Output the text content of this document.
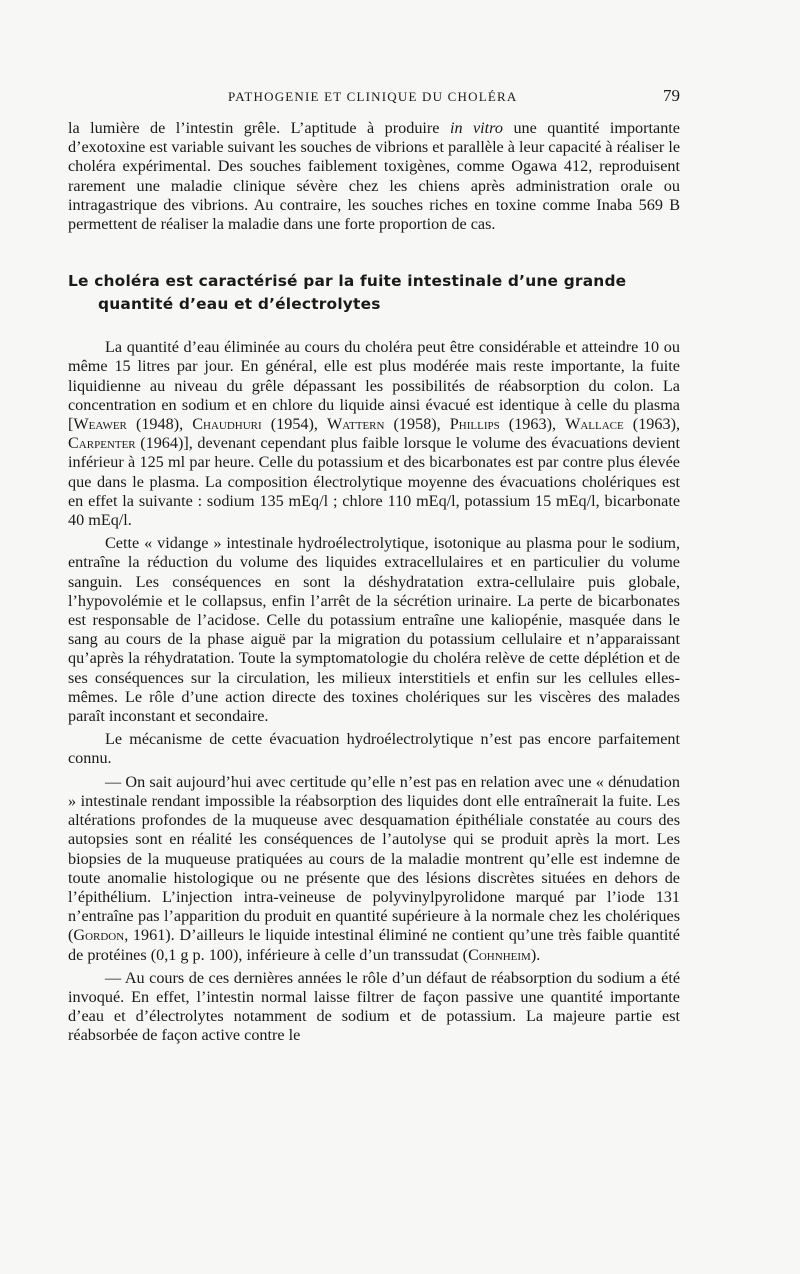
PATHOGENIE ET CLINIQUE DU CHOLÉRA	79

la lumière de l’intestin grêle. L’aptitude à produire in vitro une quantité importante d’exotoxine est variable suivant les souches de vibrions et parallèle à leur capacité à réaliser le choléra expérimental. Des souches faiblement toxigènes, comme Ogawa 412, reproduisent rarement une maladie clinique sévère chez les chiens après administration orale ou intragastrique des vibrions. Au contraire, les souches riches en toxine comme Inaba 569 B permettent de réaliser la maladie dans une forte proportion de cas.

Le choléra est caractérisé par la fuite intestinale d’une grande quantité d’eau et d’électrolytes

La quantité d’eau éliminée au cours du choléra peut être considérable et atteindre 10 ou même 15 litres par jour. En général, elle est plus modérée mais reste importante, la fuite liquidienne au niveau du grêle dépassant les possibilités de réabsorption du colon. La concentration en sodium et en chlore du liquide ainsi évacué est identique à celle du plasma [Weawer (1948), Chaudhuri (1954), Wattern (1958), Phillips (1963), Wallace (1963), Carpenter (1964)], devenant cependant plus faible lorsque le volume des évacuations devient inférieur à 125 ml par heure. Celle du potassium et des bicarbonates est par contre plus élevée que dans le plasma. La composition électrolytique moyenne des évacuations cholériques est en effet la suivante : sodium 135 mEq/l ; chlore 110 mEq/l, potassium 15 mEq/l, bicarbonate 40 mEq/l.

Cette « vidange » intestinale hydroélectrolytique, isotonique au plasma pour le sodium, entraîne la réduction du volume des liquides extracellulaires et en particulier du volume sanguin. Les conséquences en sont la déshydratation extra-cellulaire puis globale, l’hypovolémie et le collapsus, enfin l’arrêt de la sécrétion urinaire. La perte de bicarbonates est responsable de l’acidose. Celle du potassium entraîne une kaliopénie, masquée dans le sang au cours de la phase aiguë par la migration du potassium cellulaire et n’apparaissant qu’après la réhydratation. Toute la symptomatologie du choléra relève de cette déplétion et de ses conséquences sur la circulation, les milieux interstitiels et enfin sur les cellules elles-mêmes. Le rôle d’une action directe des toxines cholériques sur les viscères des malades paraît inconstant et secondaire.

Le mécanisme de cette évacuation hydroélectrolytique n’est pas encore parfaitement connu.

— On sait aujourd’hui avec certitude qu’elle n’est pas en relation avec une « dénudation » intestinale rendant impossible la réabsorption des liquides dont elle entraînerait la fuite. Les altérations profondes de la muqueuse avec desquamation épithéliale constatée au cours des autopsies sont en réalité les conséquences de l’autolyse qui se produit après la mort. Les biopsies de la muqueuse pratiquées au cours de la maladie montrent qu’elle est indemne de toute anomalie histologique ou ne présente que des lésions discrètes situées en dehors de l’épithélium. L’injection intra-veineuse de polyvinylpyrolidone marqué par l’iode 131 n’entraîne pas l’apparition du produit en quantité supérieure à la normale chez les cholériques (Gordon, 1961). D’ailleurs le liquide intestinal éliminé ne contient qu’une très faible quantité de protéines (0,1 g p. 100), inférieure à celle d’un transsudat (Cohnheim).

— Au cours de ces dernières années le rôle d’un défaut de réabsorption du sodium a été invoqué. En effet, l’intestin normal laisse filtrer de façon passive une quantité importante d’eau et d’électrolytes notamment de sodium et de potassium. La majeure partie est réabsorbée de façon active contre le
